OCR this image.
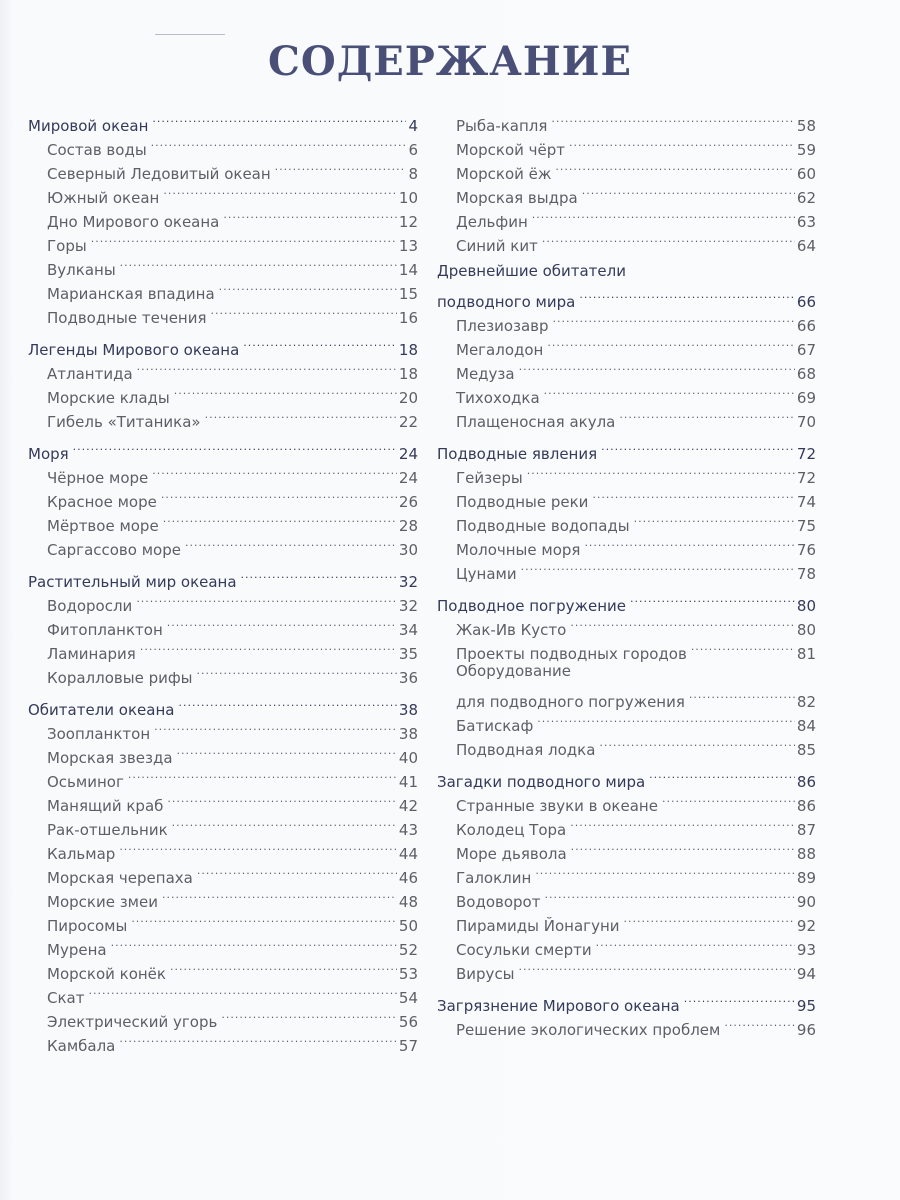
СОДЕРЖАНИЕ
Мировой океан .....	4
Состав воды .....	6
Северный Ледовитый океан .....	8
Южный океан .....	10
Дно Мирового океана .....	12
Горы .....	13
Вулканы .....	14
Марианская впадина .....	15
Подводные течения .....	16
Легенды Мирового океана .....	18
Атлантида .....	18
Морские клады .....	20
Гибель «Титаника» .....	22
Моря .....	24
Чёрное море .....	24
Красное море .....	26
Мёртвое море .....	28
Саргассово море .....	30
Растительный мир океана .....	32
Водоросли .....	32
Фитопланктон .....	34
Ламинария .....	35
Коралловые рифы .....	36
Обитатели океана .....	38
Зоопланктон .....	38
Морская звезда .....	40
Осьминог .....	41
Манящий краб .....	42
Рак-отшельник .....	43
Кальмар .....	44
Морская черепаха .....	46
Морские змеи .....	48
Пиросомы .....	50
Мурена .....	52
Морской конёк .....	53
Скат .....	54
Электрический угорь .....	56
Камбала .....	57
Рыба-капля .....	58
Морской чёрт .....	59
Морской ёж .....	60
Морская выдра .....	62
Дельфин .....	63
Синий кит .....	64
Древнейшие обитатели
подводного мира .....	66
Плезиозавр .....	66
Мегалодон .....	67
Медуза .....	68
Тихоходка .....	69
Плащеносная акула .....	70
Подводные явления .....	72
Гейзеры .....	72
Подводные реки .....	74
Подводные водопады .....	75
Молочные моря .....	76
Цунами .....	78
Подводное погружение .....	80
Жак-Ив Кусто .....	80
Проекты подводных городов .....	81
Оборудование
для подводного погружения .....	82
Батискаф .....	84
Подводная лодка .....	85
Загадки подводного мира .....	86
Странные звуки в океане .....	86
Колодец Тора .....	87
Море дьявола .....	88
Галоклин .....	89
Водоворот .....	90
Пирамиды Йонагуни .....	92
Сосульки смерти .....	93
Вирусы .....	94
Загрязнение Мирового океана .....	95
Решение экологических проблем .....	96
